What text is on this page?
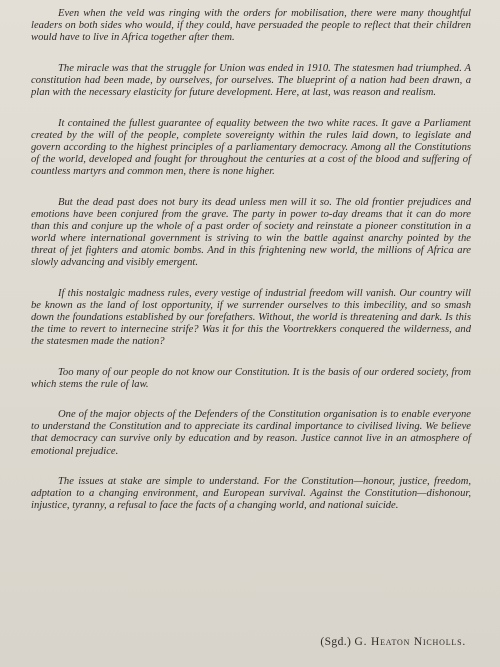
Even when the veld was ringing with the orders for mobilisation, there were many thoughtful leaders on both sides who would, if they could, have persuaded the people to reflect that their children would have to live in Africa together after them.

The miracle was that the struggle for Union was ended in 1910. The statesmen had triumphed. A constitution had been made, by ourselves, for ourselves. The blueprint of a nation had been drawn, a plan with the necessary elasticity for future development. Here, at last, was reason and realism.

It contained the fullest guarantee of equality between the two white races. It gave a Parliament created by the will of the people, complete sovereignty within the rules laid down, to legislate and govern according to the highest principles of a parliamentary democracy. Among all the Constitutions of the world, developed and fought for throughout the centuries at a cost of the blood and suffering of countless martyrs and common men, there is none higher.

But the dead past does not bury its dead unless men will it so. The old frontier prejudices and emotions have been conjured from the grave. The party in power to-day dreams that it can do more than this and conjure up the whole of a past order of society and reinstate a pioneer constitution in a world where international government is striving to win the battle against anarchy pointed by the threat of jet fighters and atomic bombs. And in this frightening new world, the millions of Africa are slowly advancing and visibly emergent.

If this nostalgic madness rules, every vestige of industrial freedom will vanish. Our country will be known as the land of lost opportunity, if we surrender ourselves to this imbecility, and so smash down the foundations established by our forefathers. Without, the world is threatening and dark. Is this the time to revert to internecine strife? Was it for this the Voortrekkers conquered the wilderness, and the statesmen made the nation?

Too many of our people do not know our Constitution. It is the basis of our ordered society, from which stems the rule of law.

One of the major objects of the Defenders of the Constitution organisation is to enable everyone to understand the Constitution and to appreciate its cardinal importance to civilised living. We believe that democracy can survive only by education and by reason. Justice cannot live in an atmosphere of emotional prejudice.

The issues at stake are simple to understand. For the Constitution—honour, justice, freedom, adptation to a changing environment, and European survival. Against the Constitution—dishonour, injustice, tyranny, a refusal to face the facts of a changing world, and national suicide.

(Sgd.) G. Heaton Nicholls.
